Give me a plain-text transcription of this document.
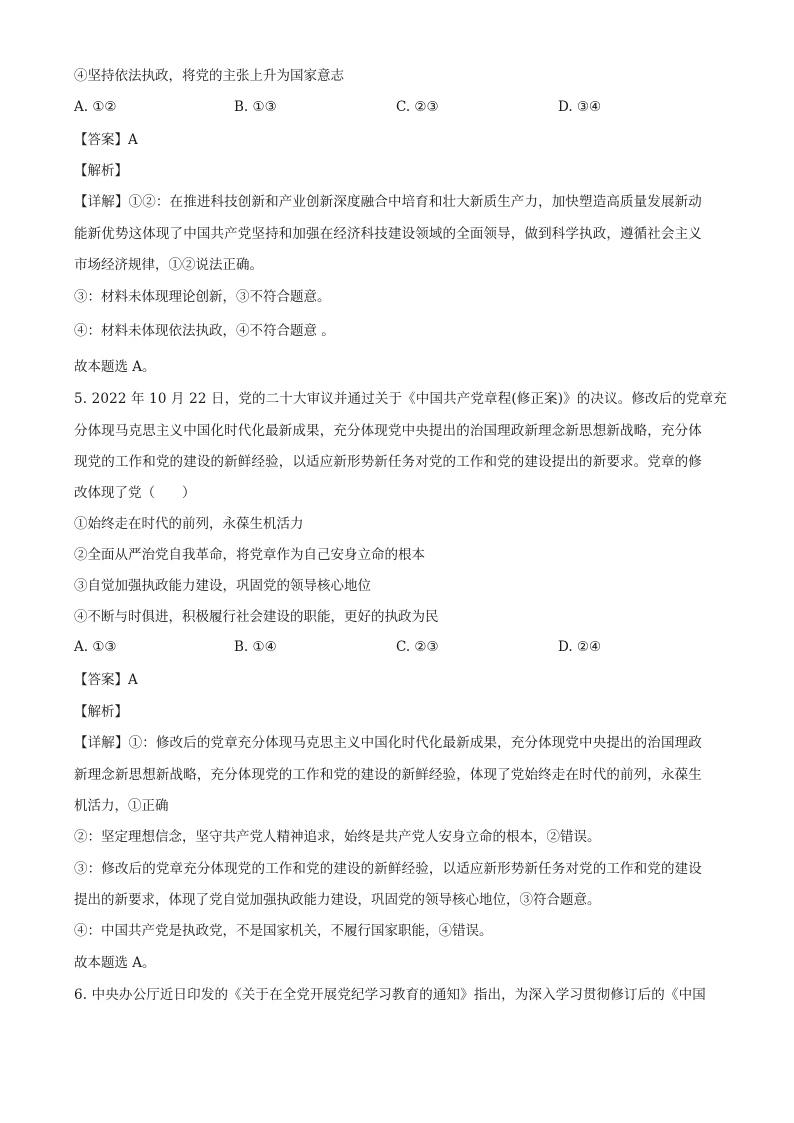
④坚持依法执政，将党的主张上升为国家意志
A. ①②	B. ①③	C. ②③	D. ③④
【答案】A
【解析】
【详解】①②：在推进科技创新和产业创新深度融合中培育和壮大新质生产力，加快塑造高质量发展新动
能新优势这体现了中国共产党坚持和加强在经济科技建设领域的全面领导，做到科学执政，遵循社会主义
市场经济规律，①②说法正确。
③：材料未体现理论创新，③不符合题意。
④：材料未体现依法执政，④不符合题意 。
故本题选 A。
5. 2022 年 10 月 22 日，党的二十大审议并通过关于《中国共产党章程(修正案)》的决议。修改后的党章充
分体现马克思主义中国化时代化最新成果，充分体现党中央提出的治国理政新理念新思想新战略，充分体
现党的工作和党的建设的新鲜经验，以适应新形势新任务对党的工作和党的建设提出的新要求。党章的修
改体现了党（　　）
①始终走在时代的前列，永葆生机活力
②全面从严治党自我革命，将党章作为自己安身立命的根本
③自觉加强执政能力建设，巩固党的领导核心地位
④不断与时俱进，积极履行社会建设的职能，更好的执政为民
A. ①③	B. ①④	C. ②③	D. ②④
【答案】A
【解析】
【详解】①：修改后的党章充分体现马克思主义中国化时代化最新成果，充分体现党中央提出的治国理政
新理念新思想新战略，充分体现党的工作和党的建设的新鲜经验，体现了党始终走在时代的前列，永葆生
机活力，①正确
②：坚定理想信念，坚守共产党人精神追求，始终是共产党人安身立命的根本，②错误。
③：修改后的党章充分体现党的工作和党的建设的新鲜经验，以适应新形势新任务对党的工作和党的建设
提出的新要求，体现了党自觉加强执政能力建设，巩固党的领导核心地位，③符合题意。
④：中国共产党是执政党，不是国家机关，不履行国家职能，④错误。
故本题选 A。
6. 中央办公厅近日印发的《关于在全党开展党纪学习教育的通知》指出，为深入学习贯彻修订后的《中国
